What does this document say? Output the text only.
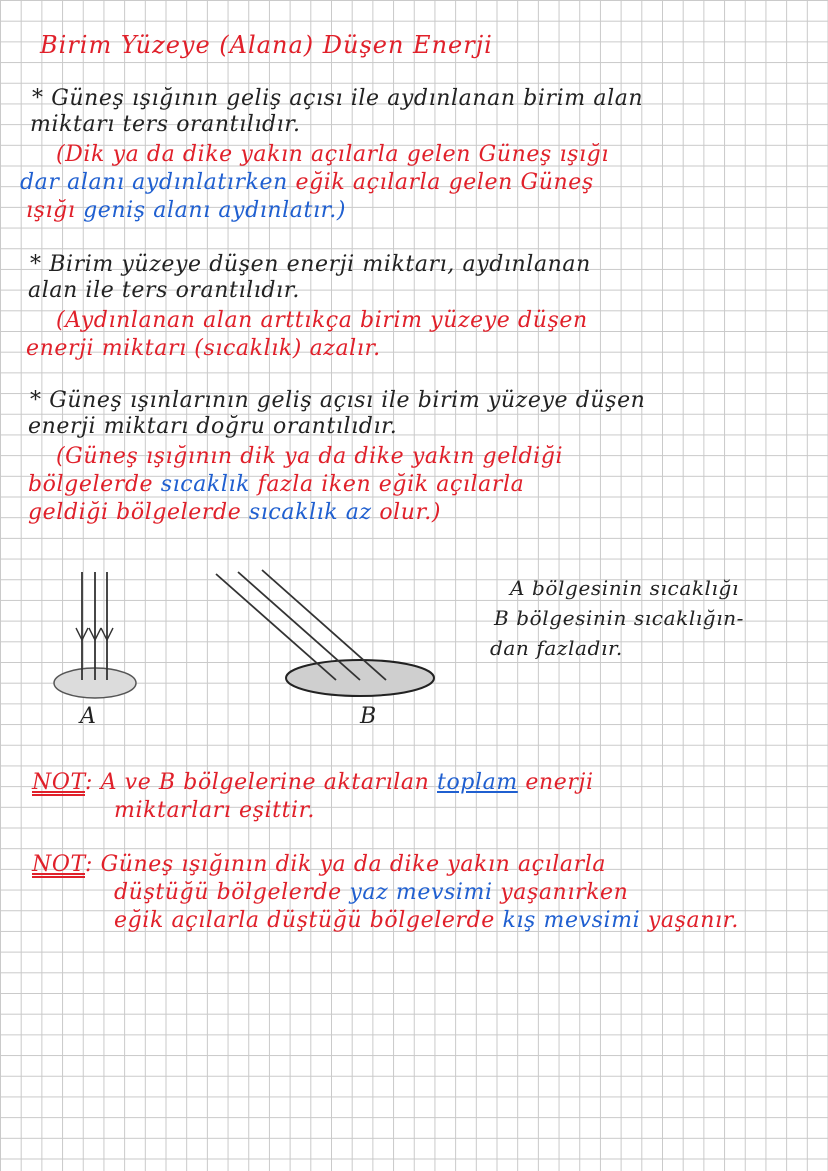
Birim Yüzeye (Alana) Düşen Enerji

* Güneş ışığının geliş açısı ile aydınlanan birim alan

miktarı ters orantılıdır.

(Dik ya da dike yakın açılarla gelen Güneş ışığı

dar alanı aydınlatırken eğik açılarla gelen Güneş

ışığı geniş alanı aydınlatır.)

* Birim yüzeye düşen enerji miktarı, aydınlanan

alan ile ters orantılıdır.

(Aydınlanan alan arttıkça birim yüzeye düşen

enerji miktarı (sıcaklık) azalır.

* Güneş ışınlarının geliş açısı ile birim yüzeye düşen

enerji miktarı doğru orantılıdır.

(Güneş ışığının dik ya da dike yakın geldiği

bölgelerde sıcaklık fazla iken eğik açılarla

geldiği bölgelerde sıcaklık az olur.)

A	B

A bölgesinin sıcaklığı

B bölgesinin sıcaklığın-

dan fazladır.

NOT: A ve B bölgelerine aktarılan toplam enerji

miktarları eşittir.

NOT: Güneş ışığının dik ya da dike yakın açılarla

düştüğü bölgelerde yaz mevsimi yaşanırken

eğik açılarla düştüğü bölgelerde kış mevsimi yaşanır.
